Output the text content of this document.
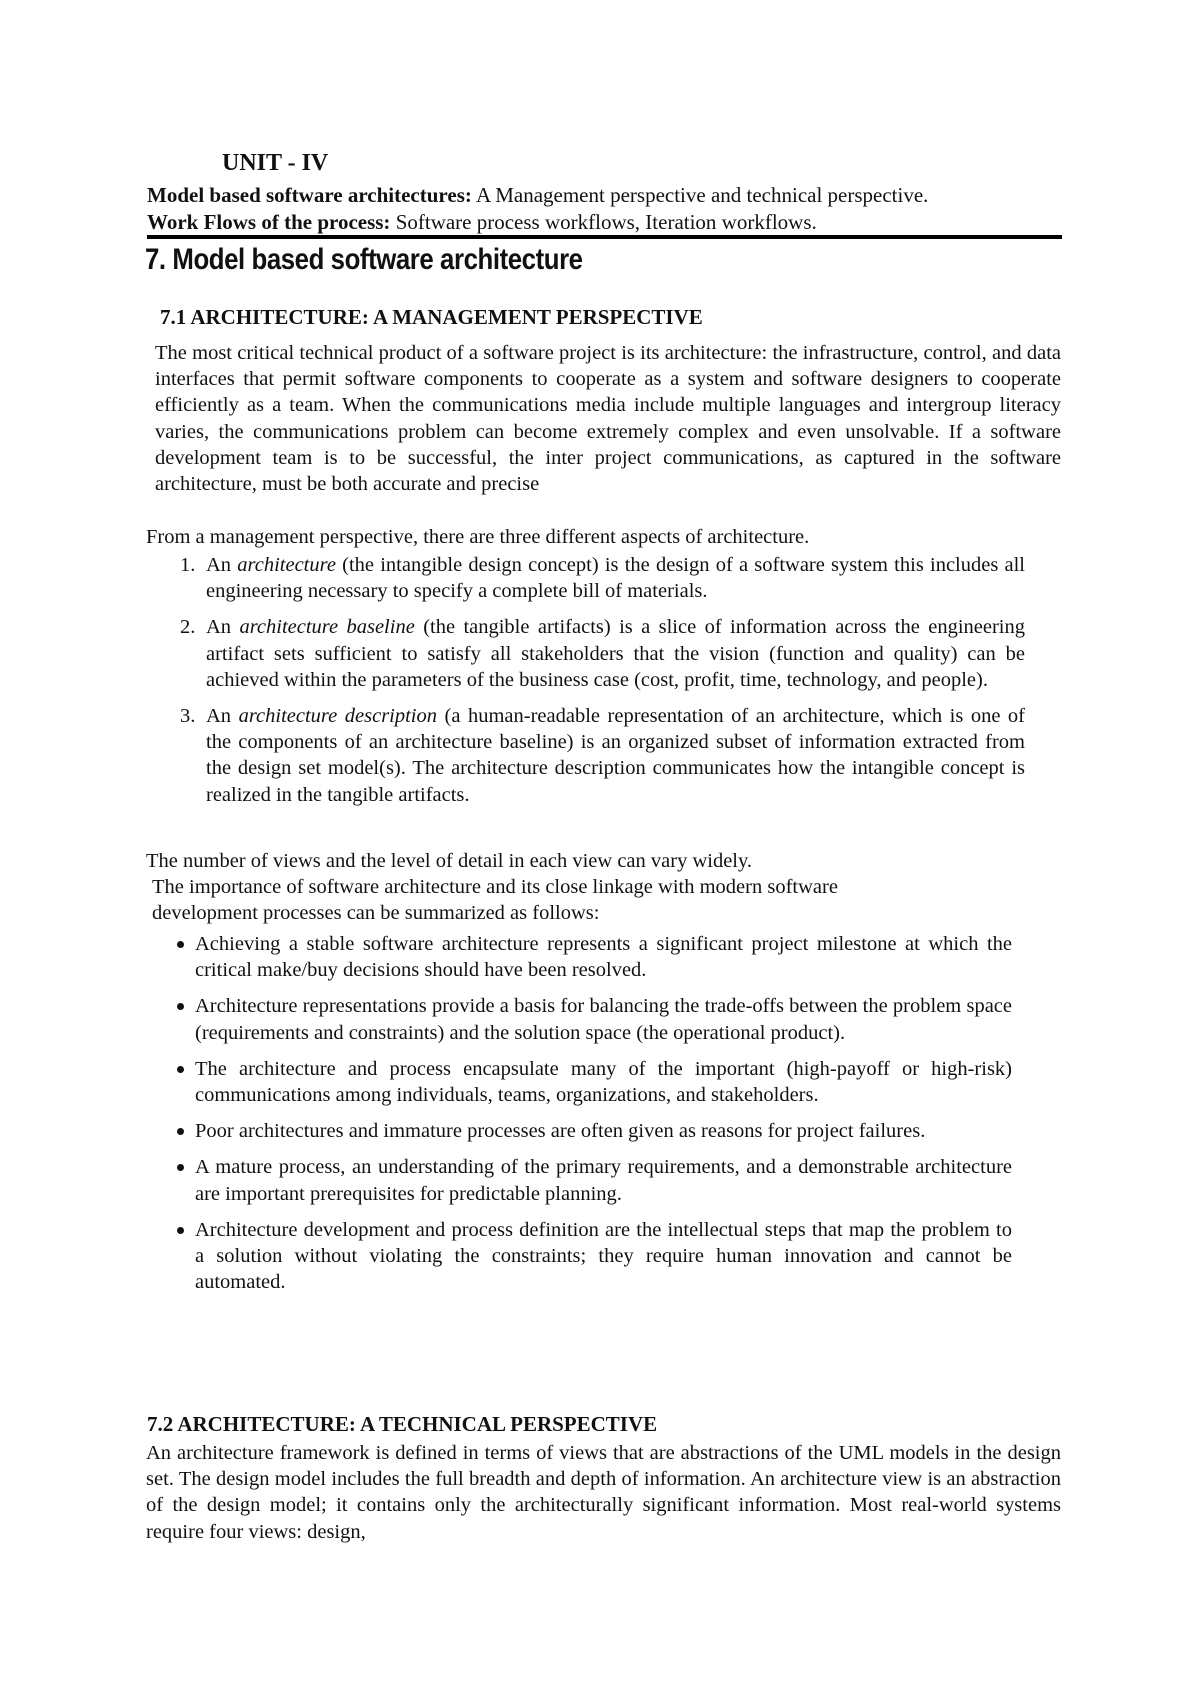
UNIT - IV
Model based software architectures: A Management perspective and technical perspective.
Work Flows of the process: Software process workflows, Iteration workflows.
7. Model based software architecture
7.1 ARCHITECTURE: A MANAGEMENT PERSPECTIVE
The most critical technical product of a software project is its architecture: the infrastructure, control, and data interfaces that permit software components to cooperate as a system and software designers to cooperate efficiently as a team. When the communications media include multiple languages and intergroup literacy varies, the communications problem can become extremely complex and even unsolvable. If a software development team is to be successful, the inter project communications, as captured in the software architecture, must be both accurate and precise
From a management perspective, there are three different aspects of architecture.
1. An architecture (the intangible design concept) is the design of a software system this includes all engineering necessary to specify a complete bill of materials.
2. An architecture baseline (the tangible artifacts) is a slice of information across the engineering artifact sets sufficient to satisfy all stakeholders that the vision (function and quality) can be achieved within the parameters of the business case (cost, profit, time, technology, and people).
3. An architecture description (a human-readable representation of an architecture, which is one of the components of an architecture baseline) is an organized subset of information extracted from the design set model(s). The architecture description communicates how the intangible concept is realized in the tangible artifacts.
The number of views and the level of detail in each view can vary widely.
The importance of software architecture and its close linkage with modern software
development processes can be summarized as follows:
Achieving a stable software architecture represents a significant project milestone at which the critical make/buy decisions should have been resolved.
Architecture representations provide a basis for balancing the trade-offs between the problem space (requirements and constraints) and the solution space (the operational product).
The architecture and process encapsulate many of the important (high-payoff or high-risk) communications among individuals, teams, organizations, and stakeholders.
Poor architectures and immature processes are often given as reasons for project failures.
A mature process, an understanding of the primary requirements, and a demonstrable architecture are important prerequisites for predictable planning.
Architecture development and process definition are the intellectual steps that map the problem to a solution without violating the constraints; they require human innovation and cannot be automated.
7.2 ARCHITECTURE: A TECHNICAL PERSPECTIVE
An architecture framework is defined in terms of views that are abstractions of the UML models in the design set. The design model includes the full breadth and depth of information. An architecture view is an abstraction of the design model; it contains only the architecturally significant information. Most real-world systems require four views: design,
